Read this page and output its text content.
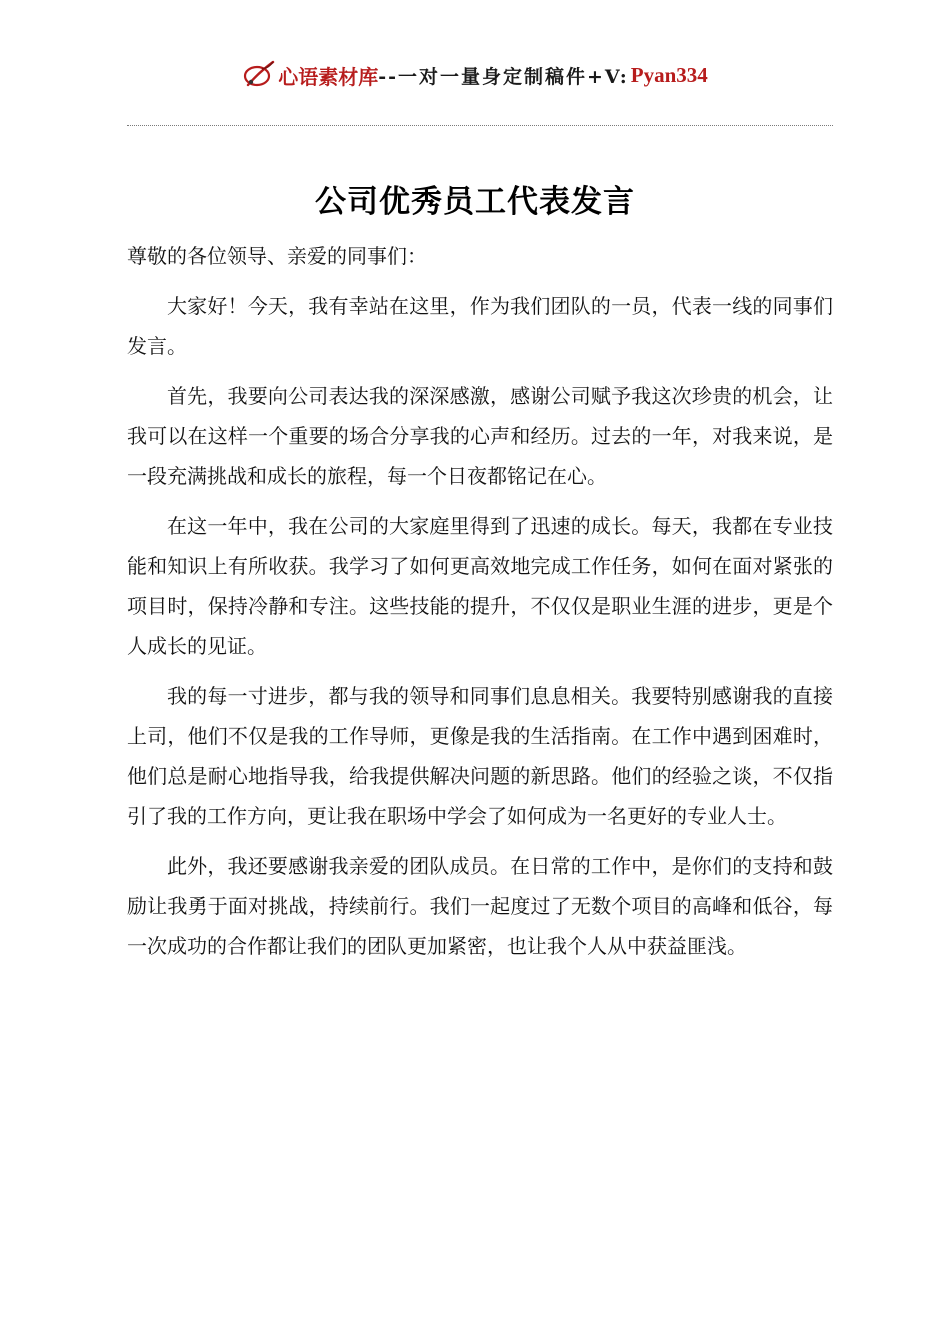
心语素材库 --一对一量身定制稿件+V: Pyan334
公司优秀员工代表发言

尊敬的各位领导、亲爱的同事们：

大家好！今天，我有幸站在这里，作为我们团队的一员，代表一线的同事们发言。

首先，我要向公司表达我的深深感激，感谢公司赋予我这次珍贵的机会，让我可以在这样一个重要的场合分享我的心声和经历。过去的一年，对我来说，是一段充满挑战和成长的旅程，每一个日夜都铭记在心。

在这一年中，我在公司的大家庭里得到了迅速的成长。每天，我都在专业技能和知识上有所收获。我学习了如何更高效地完成工作任务，如何在面对紧张的项目时，保持冷静和专注。这些技能的提升，不仅仅是职业生涯的进步，更是个人成长的见证。

我的每一寸进步，都与我的领导和同事们息息相关。我要特别感谢我的直接上司，他们不仅是我的工作导师，更像是我的生活指南。在工作中遇到困难时，他们总是耐心地指导我，给我提供解决问题的新思路。他们的经验之谈，不仅指引了我的工作方向，更让我在职场中学会了如何成为一名更好的专业人士。

此外，我还要感谢我亲爱的团队成员。在日常的工作中，是你们的支持和鼓励让我勇于面对挑战，持续前行。我们一起度过了无数个项目的高峰和低谷，每一次成功的合作都让我们的团队更加紧密，也让我个人从中获益匪浅。
